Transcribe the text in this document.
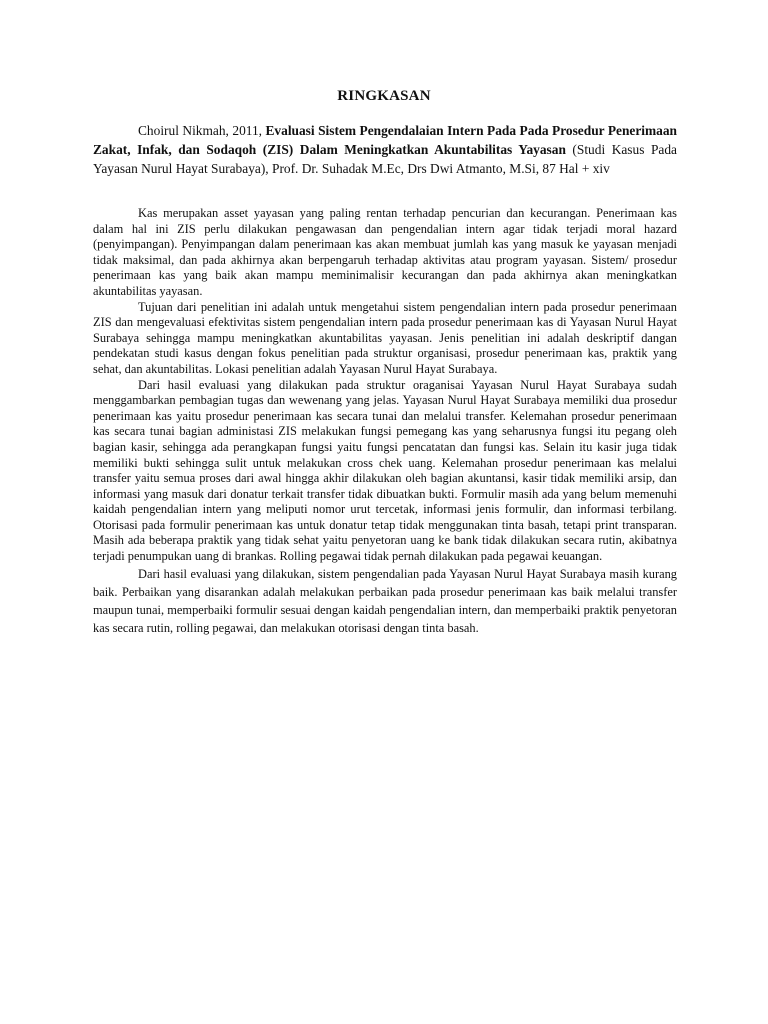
RINGKASAN

Choirul Nikmah, 2011, Evaluasi Sistem Pengendalaian Intern Pada Pada Prosedur Penerimaan Zakat, Infak, dan Sodaqoh (ZIS) Dalam Meningkatkan Akuntabilitas Yayasan (Studi Kasus Pada Yayasan Nurul Hayat Surabaya), Prof. Dr. Suhadak M.Ec, Drs Dwi Atmanto, M.Si, 87 Hal + xiv

Kas merupakan asset yayasan yang paling rentan terhadap pencurian dan kecurangan. Penerimaan kas dalam hal ini ZIS perlu dilakukan pengawasan dan pengendalian intern agar tidak terjadi moral hazard (penyimpangan). Penyimpangan dalam penerimaan kas akan membuat jumlah kas yang masuk ke yayasan menjadi tidak maksimal, dan pada akhirnya akan berpengaruh terhadap aktivitas atau program yayasan. Sistem/ prosedur penerimaan kas yang baik akan mampu meminimalisir kecurangan dan pada akhirnya akan meningkatkan akuntabilitas yayasan.

Tujuan dari penelitian ini adalah untuk mengetahui sistem pengendalian intern pada prosedur penerimaan ZIS dan mengevaluasi efektivitas sistem pengendalian intern pada prosedur penerimaan kas di Yayasan Nurul Hayat Surabaya sehingga mampu meningkatkan akuntabilitas yayasan. Jenis penelitian ini adalah deskriptif dangan pendekatan studi kasus dengan fokus penelitian pada struktur organisasi, prosedur penerimaan kas, praktik yang sehat, dan akuntabilitas. Lokasi penelitian adalah Yayasan Nurul Hayat Surabaya.

Dari hasil evaluasi yang dilakukan pada struktur oraganisai Yayasan Nurul Hayat Surabaya sudah menggambarkan pembagian tugas dan wewenang yang jelas. Yayasan Nurul Hayat Surabaya memiliki dua prosedur penerimaan kas yaitu prosedur penerimaan kas secara tunai dan melalui transfer. Kelemahan prosedur penerimaan kas secara tunai bagian administasi ZIS melakukan fungsi pemegang kas yang seharusnya fungsi itu pegang oleh bagian kasir, sehingga ada perangkapan fungsi yaitu fungsi pencatatan dan fungsi kas. Selain itu kasir juga tidak memiliki bukti sehingga sulit untuk melakukan cross chek uang. Kelemahan prosedur penerimaan kas melalui transfer yaitu semua proses dari awal hingga akhir dilakukan oleh bagian akuntansi, kasir tidak memiliki arsip, dan informasi yang masuk dari donatur terkait transfer tidak dibuatkan bukti. Formulir masih ada yang belum memenuhi kaidah pengendalian intern yang meliputi nomor urut tercetak, informasi jenis formulir, dan informasi terbilang. Otorisasi pada formulir penerimaan kas untuk donatur tetap tidak menggunakan tinta basah, tetapi print transparan. Masih ada beberapa praktik yang tidak sehat yaitu penyetoran uang ke bank tidak dilakukan secara rutin, akibatnya terjadi penumpukan uang di brankas. Rolling pegawai tidak pernah dilakukan pada pegawai keuangan.

Dari hasil evaluasi yang dilakukan, sistem pengendalian pada Yayasan Nurul Hayat Surabaya masih kurang baik. Perbaikan yang disarankan adalah melakukan perbaikan pada prosedur penerimaan kas baik melalui transfer maupun tunai, memperbaiki formulir sesuai dengan kaidah pengendalian intern, dan memperbaiki praktik penyetoran kas secara rutin, rolling pegawai, dan melakukan otorisasi dengan tinta basah.
